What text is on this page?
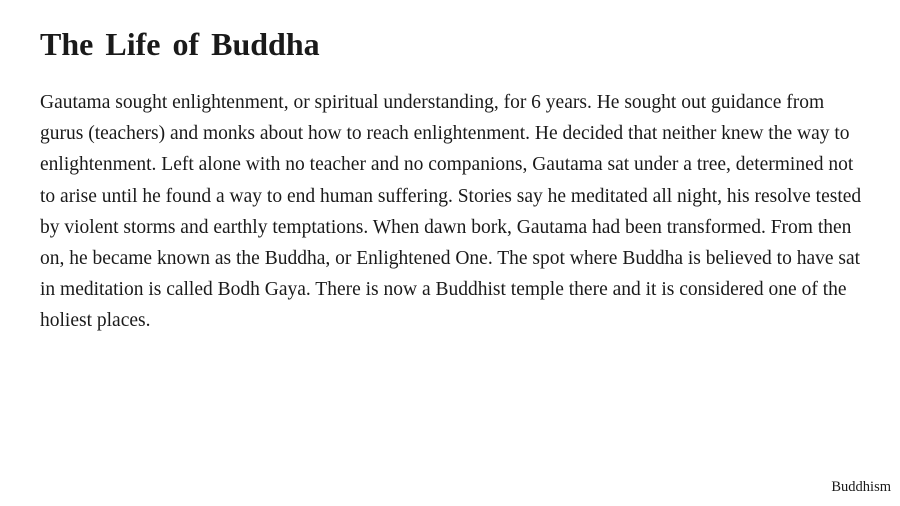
The Life of Buddha

Gautama sought enlightenment, or spiritual understanding, for 6 years. He sought out guidance from gurus (teachers) and monks about how to reach enlightenment. He decided that neither knew the way to enlightenment. Left alone with no teacher and no companions, Gautama sat under a tree, determined not to arise until he found a way to end human suffering. Stories say he meditated all night, his resolve tested by violent storms and earthly temptations. When dawn bork, Gautama had been transformed. From then on, he became known as the Buddha, or Enlightened One. The spot where Buddha is believed to have sat in meditation is called Bodh Gaya. There is now a Buddhist temple there and it is considered one of the holiest places.

Buddhism
